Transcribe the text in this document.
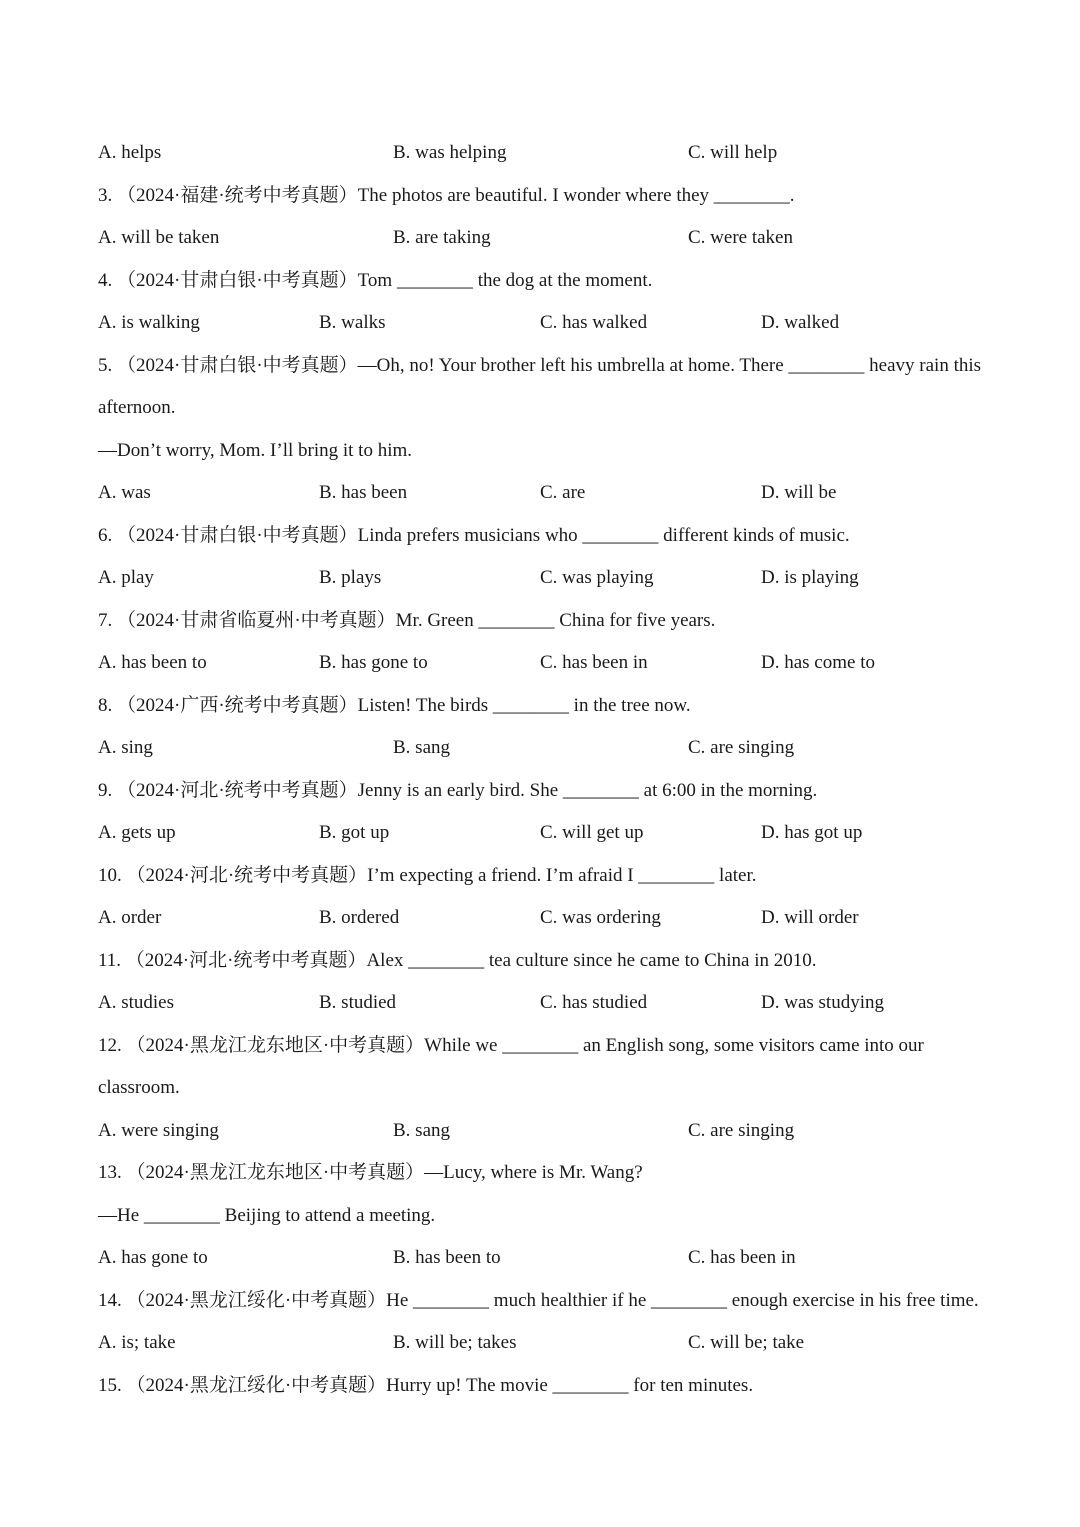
A. helps	B. was helping	C. will help
3. （2024·福建·统考中考真题）The photos are beautiful. I wonder where they ________.
A. will be taken	B. are taking	C. were taken
4. （2024·甘肃白银·中考真题）Tom ________ the dog at the moment.
A. is walking	B. walks	C. has walked	D. walked
5. （2024·甘肃白银·中考真题）—Oh, no! Your brother left his umbrella at home. There ________ heavy rain this
afternoon.
—Don’t worry, Mom. I’ll bring it to him.
A. was	B. has been	C. are	D. will be
6. （2024·甘肃白银·中考真题）Linda prefers musicians who ________ different kinds of music.
A. play	B. plays	C. was playing	D. is playing
7. （2024·甘肃省临夏州·中考真题）Mr. Green ________ China for five years.
A. has been to	B. has gone to	C. has been in	D. has come to
8. （2024·广西·统考中考真题）Listen! The birds ________ in the tree now.
A. sing	B. sang	C. are singing
9. （2024·河北·统考中考真题）Jenny is an early bird. She ________ at 6:00 in the morning.
A. gets up	B. got up	C. will get up	D. has got up
10. （2024·河北·统考中考真题）I’m expecting a friend. I’m afraid I ________ later.
A. order	B. ordered	C. was ordering	D. will order
11. （2024·河北·统考中考真题）Alex ________ tea culture since he came to China in 2010.
A. studies	B. studied	C. has studied	D. was studying
12. （2024·黑龙江龙东地区·中考真题）While we ________ an English song, some visitors came into our
classroom.
A. were singing	B. sang	C. are singing
13. （2024·黑龙江龙东地区·中考真题）—Lucy, where is Mr. Wang?
—He ________ Beijing to attend a meeting.
A. has gone to	B. has been to	C. has been in
14. （2024·黑龙江绥化·中考真题）He ________ much healthier if he ________ enough exercise in his free time.
A. is; take	B. will be; takes	C. will be; take
15. （2024·黑龙江绥化·中考真题）Hurry up! The movie ________ for ten minutes.
